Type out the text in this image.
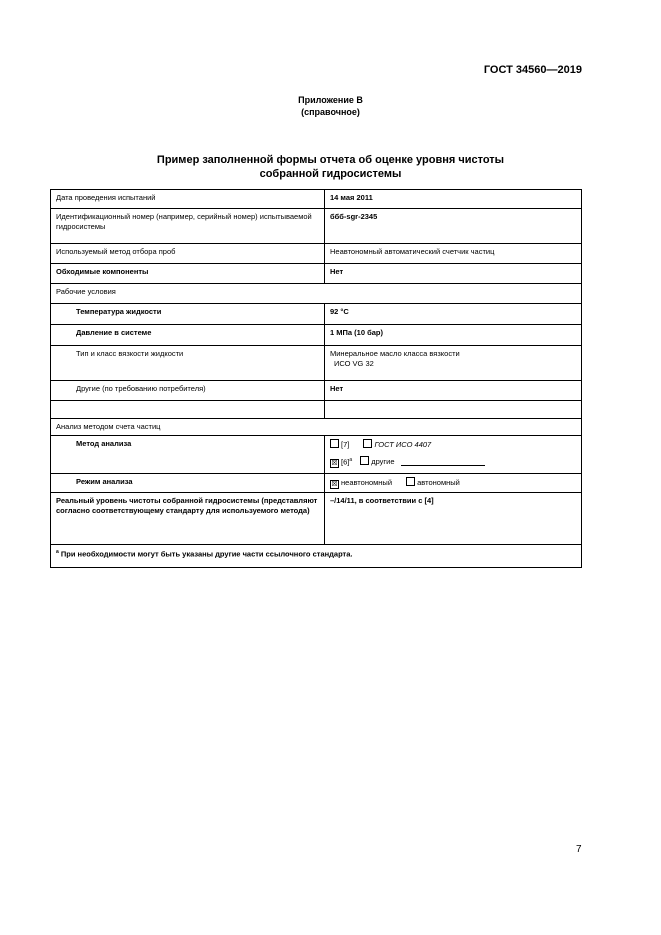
ГОСТ 34560—2019
Приложение В
(справочное)
Пример заполненной формы отчета об оценке уровня чистоты
собранной гидросистемы
Дата проведения испытаний	14 мая 2011
Идентификационный номер (например, серийный номер) испытываемой гидросистемы	ббб-sgr-2345
Используемый метод отбора проб	Неавтономный автоматический счетчик частиц
Обходимые компоненты	Нет
Рабочие условия	
Температура жидкости	92 °С
Давление в системе	1 МПа (10 бар)
Тип и класс вязкости жидкости	Минеральное масло класса вязкости
ИСО VG 32

Другие (по требованию потребителя)	Нет

Анализ методом счета частиц	
Метод анализа	[7] ГОСТ ИСО 4407
☒ $[6]^а$ другие

Режим анализа	☒ неавтономный автономный
Реальный уровень чистоты собранной гидросистемы (представляют согласно соответствующему стандарту для используемого метода)	–/14/11, в соответствии с [4]
$^а$ При необходимости могут быть указаны другие части ссылочного стандарта.	
7
